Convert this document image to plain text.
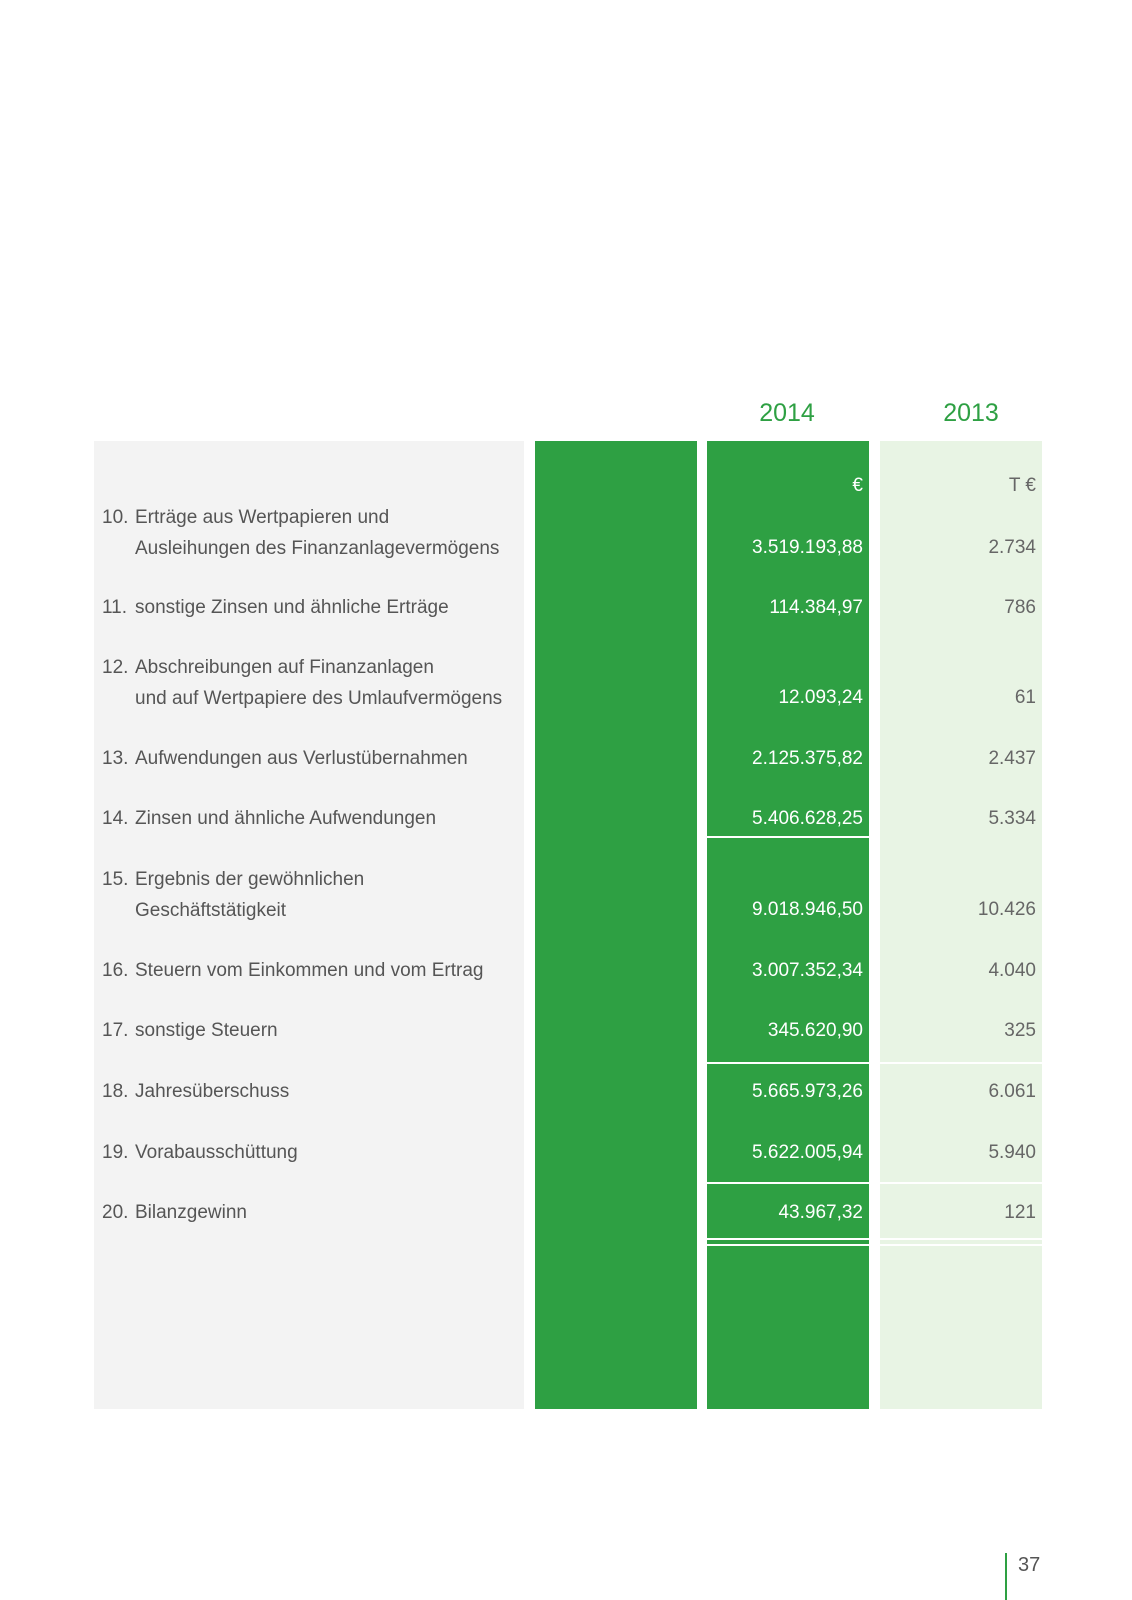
2014	2013
€	T €
10. Erträge aus Wertpapieren und
Ausleihungen des Finanzanlagevermögens	3.519.193,88	2.734
11. sonstige Zinsen und ähnliche Erträge	114.384,97	786
12. Abschreibungen auf Finanzanlagen
und auf Wertpapiere des Umlaufvermögens	12.093,24	61
13. Aufwendungen aus Verlustübernahmen	2.125.375,82	2.437
14. Zinsen und ähnliche Aufwendungen	5.406.628,25	5.334
15. Ergebnis der gewöhnlichen
Geschäftstätigkeit	9.018.946,50	10.426
16. Steuern vom Einkommen und vom Ertrag	3.007.352,34	4.040
17. sonstige Steuern	345.620,90	325
18. Jahresüberschuss	5.665.973,26	6.061
19. Vorabausschüttung	5.622.005,94	5.940
20. Bilanzgewinn	43.967,32	121
37
